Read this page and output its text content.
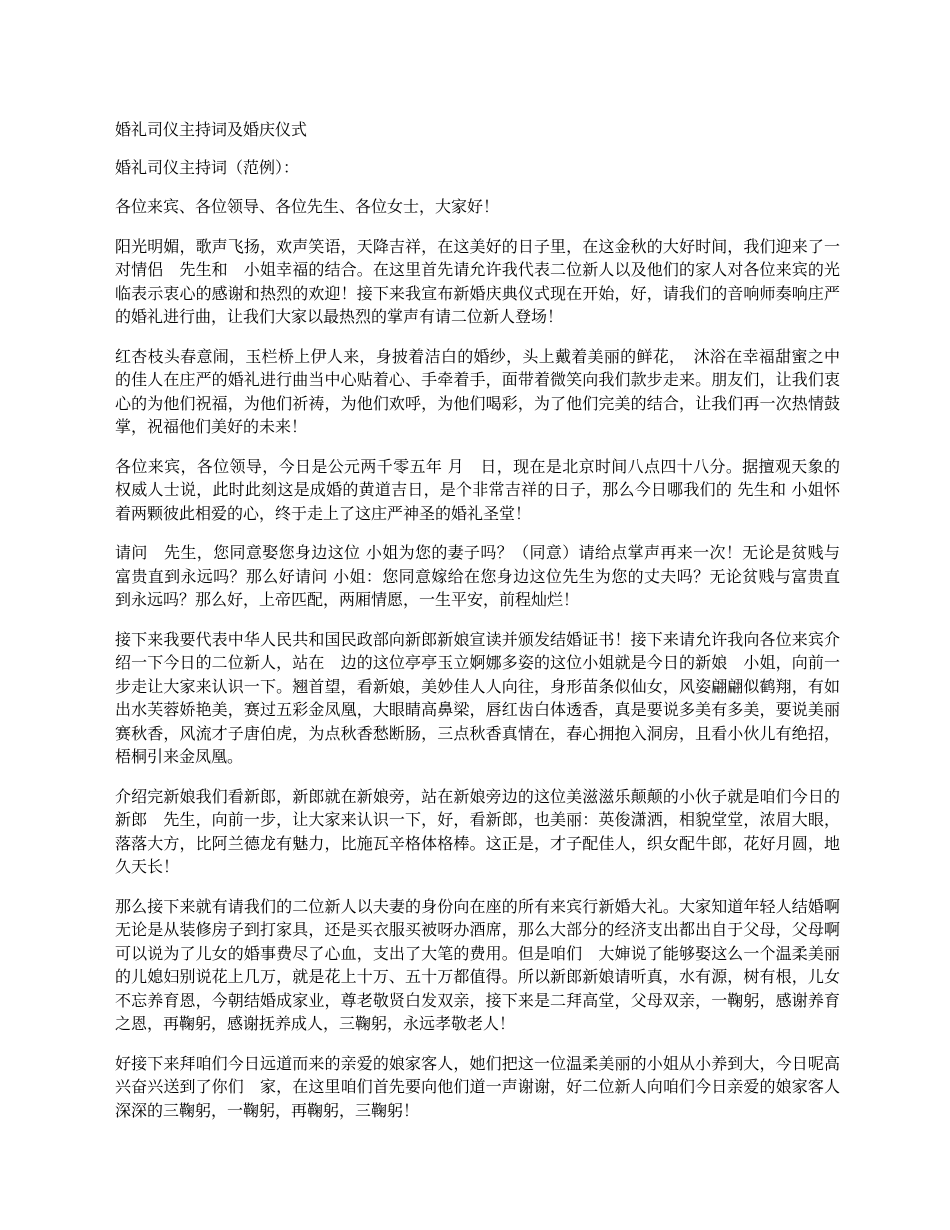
婚礼司仪主持词及婚庆仪式

婚礼司仪主持词（范例）：

各位来宾、各位领导、各位先生、各位女士，大家好！

阳光明媚，歌声飞扬，欢声笑语，天降吉祥，在这美好的日子里，在这金秋的大好时间，我们迎来了一对情侣　先生和　小姐幸福的结合。在这里首先请允许我代表二位新人以及他们的家人对各位来宾的光临表示衷心的感谢和热烈的欢迎！接下来我宣布新婚庆典仪式现在开始，好，请我们的音响师奏响庄严的婚礼进行曲，让我们大家以最热烈的掌声有请二位新人登场！

红杏枝头春意闹，玉栏桥上伊人来，身披着洁白的婚纱，头上戴着美丽的鲜花，　沐浴在幸福甜蜜之中的佳人在庄严的婚礼进行曲当中心贴着心、手牵着手，面带着微笑向我们款步走来。朋友们，让我们衷心的为他们祝福，为他们祈祷，为他们欢呼，为他们喝彩，为了他们完美的结合，让我们再一次热情鼓掌，祝福他们美好的未来！

各位来宾，各位领导，今日是公元两千零五年 月　日，现在是北京时间八点四十八分。据擅观天象的权威人士说，此时此刻这是成婚的黄道吉日，是个非常吉祥的日子，那么今日哪我们的 先生和 小姐怀着两颗彼此相爱的心，终于走上了这庄严神圣的婚礼圣堂！

请问　先生，您同意娶您身边这位 小姐为您的妻子吗？（同意）请给点掌声再来一次！无论是贫贱与富贵直到永远吗？那么好请问 小姐：您同意嫁给在您身边这位先生为您的丈夫吗？无论贫贱与富贵直到永远吗？那么好，上帝匹配，两厢情愿，一生平安，前程灿烂！

接下来我要代表中华人民共和国民政部向新郎新娘宣读并颁发结婚证书！接下来请允许我向各位来宾介绍一下今日的二位新人，站在　边的这位亭亭玉立婀娜多姿的这位小姐就是今日的新娘　小姐，向前一步走让大家来认识一下。翘首望，看新娘，美妙佳人人向往，身形苗条似仙女，风姿翩翩似鹤翔，有如出水芙蓉娇艳美，赛过五彩金凤凰，大眼睛高鼻梁，唇红齿白体透香，真是要说多美有多美，要说美丽赛秋香，风流才子唐伯虎，为点秋香愁断肠，三点秋香真情在，春心拥抱入洞房，且看小伙儿有绝招，梧桐引来金凤凰。

介绍完新娘我们看新郎，新郎就在新娘旁，站在新娘旁边的这位美滋滋乐颠颠的小伙子就是咱们今日的新郎　先生，向前一步，让大家来认识一下，好，看新郎，也美丽：英俊潇洒，相貌堂堂，浓眉大眼，落落大方，比阿兰德龙有魅力，比施瓦辛格体格棒。这正是，才子配佳人，织女配牛郎，花好月圆，地久天长！

那么接下来就有请我们的二位新人以夫妻的身份向在座的所有来宾行新婚大礼。大家知道年轻人结婚啊无论是从装修房子到打家具，还是买衣服买被呀办酒席，那么大部分的经济支出都出自于父母，父母啊可以说为了儿女的婚事费尽了心血，支出了大笔的费用。但是咱们　大婶说了能够娶这么一个温柔美丽的儿媳妇别说花上几万，就是花上十万、五十万都值得。所以新郎新娘请听真，水有源，树有根，儿女不忘养育恩，今朝结婚成家业，尊老敬贤白发双亲，接下来是二拜高堂，父母双亲，一鞠躬，感谢养育之恩，再鞠躬，感谢抚养成人，三鞠躬，永远孝敬老人！

好接下来拜咱们今日远道而来的亲爱的娘家客人，她们把这一位温柔美丽的小姐从小养到大，今日呢高兴奋兴送到了你们　家，在这里咱们首先要向他们道一声谢谢，好二位新人向咱们今日亲爱的娘家客人深深的三鞠躬，一鞠躬，再鞠躬，三鞠躬！
